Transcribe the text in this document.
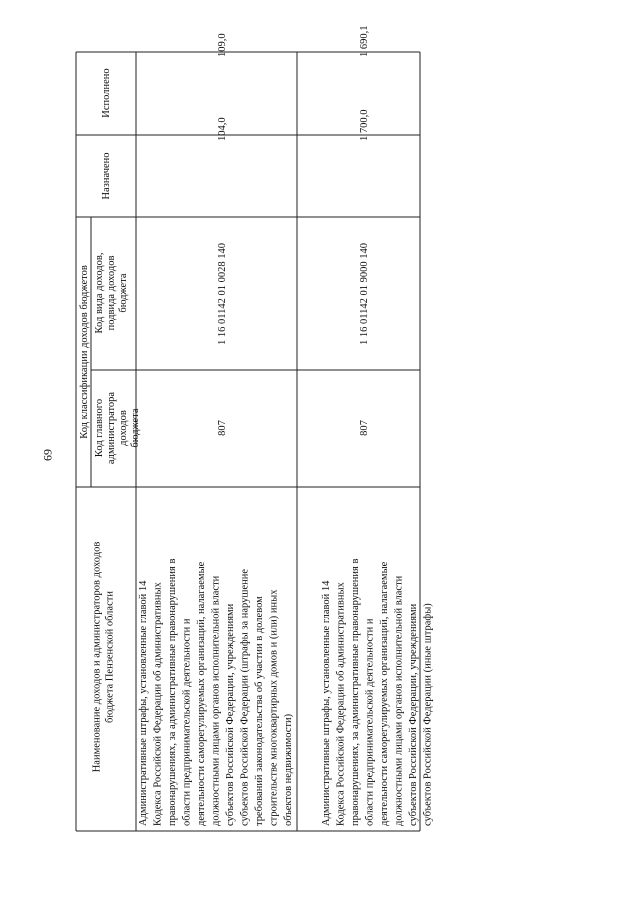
69
Наименование доходов и администраторов доходов бюджета Пензенской области
Код классификации доходов бюджетов Код главного администратора доходов бюджета
Код вида доходов, подвида доходов бюджета
Назначено
Исполнено
Административные штрафы, установленные главой 14 Кодекса Российской Федерации об административных правонарушениях, за административные правонарушения в области предпринимательской деятельности и деятельности саморегулируемых организаций, налагаемые должностными лицами органов исполнительной власти субъектов Российской Федерации, учреждениями субъектов Российской Федерации (штрафы за нарушение требований законодательства об участии в долевом строительстве многоквартирных домов и (или) иных объектов недвижимости)
807
1 16 01142 01 0028 140
104,0
109,0
Административные штрафы, установленные главой 14 Кодекса Российской Федерации об административных правонарушениях, за административные правонарушения в области предпринимательской деятельности и деятельности саморегулируемых организаций, налагаемые должностными лицами органов исполнительной власти субъектов Российской Федерации, учреждениями субъектов Российской Федерации (иные штрафы)
807
1 16 01142 01 9000 140
1 700,0
1 690,1
